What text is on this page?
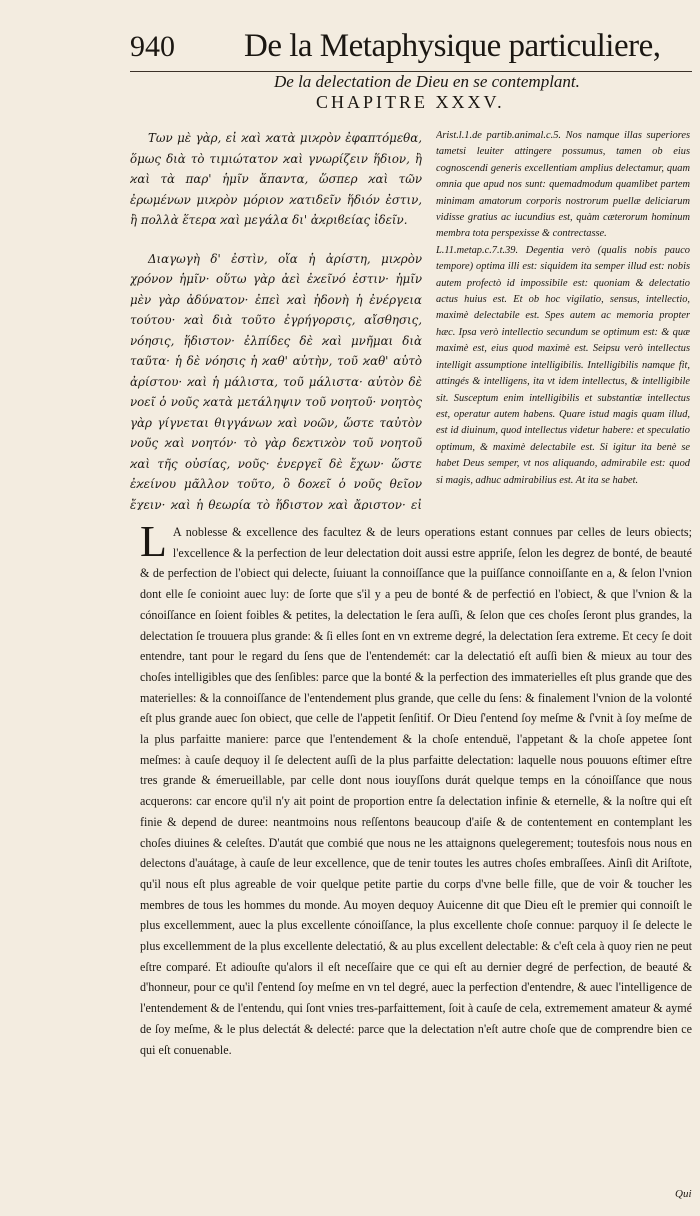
940 De la Metaphysique particuliere,
De la delectation de Dieu en se contemplant.
CHAPITRE XXXV.

Των μὲ γὰρ, εἰ ϰαὶ ϰατὰ μιϰρὸν ἐφαπτόμεθα, ὅμως διὰ τὸ τιμιώτατον ϰαὶ γνωρίζειν ἥδιον, ἢ ϰαὶ τὰ παρ' ἡμῖν ἅπαντα, ὥσπερ ϰαὶ τῶν ἐρωμένων μιϰρὸν μόριον ϰατιδεῖν ἥδιόν ἐστιν, ἢ πολλὰ ἕτερα ϰαὶ μεγάλα δι' ἀϰριϐείας ἰδεῖν.

Διαγωγὴ δ' ἐστὶν, οἵα ἡ ἀρίστη, μιϰρὸν χρόνον ἡμῖν· οὕτω γὰρ ἀεὶ ἐϰεῖνό ἐστιν· ἡμῖν μὲν γὰρ ἀδύνατον· ἐπεὶ ϰαὶ ἡδονὴ ἡ ἐνέργεια τούτου· ϰαὶ διὰ τοῦτο ἐγρήγορσις, αἴσθησις, νόησις, ἥδιστον· ἐλπίδες δὲ ϰαὶ μνῆμαι διὰ ταῦτα· ἡ δὲ νόησις ἡ ϰαθ' αὑτὴν, τοῦ ϰαθ' αὑτὸ ἀρίστου· ϰαὶ ἡ μάλιστα, τοῦ μάλιστα· αὑτὸν δὲ νοεῖ ὁ νοῦς ϰατὰ μετάληψιν τοῦ νοητοῦ· νοητὸς γὰρ γίγνεται θιγγάνων ϰαὶ νοῶν, ὥστε ταὐτὸν νοῦς ϰαὶ νοητόν· τὸ γὰρ δεϰτιϰὸν τοῦ νοητοῦ ϰαὶ τῆς οὐσίας, νοῦς· ἐνεργεῖ δὲ ἔχων· ὥστε ἐϰείνου μᾶλλον τοῦτο, ὃ δοϰεῖ ὁ νοῦς θεῖον ἔχειν· ϰαὶ ἡ θεωρία τὸ ἥδιστον ϰαὶ ἄριστον· εἰ

Arist.l.1.de partib.animal.c.5. Nos namque illas superiores tametsi leuiter attingere possumus, tamen ob eius cognoscendi generis excellentiam amplius delectamur, quam omnia que apud nos sunt: quemadmodum quamlibet partem minimam amatorum corporis nostrorum puellæ deliciarum vidisse gratius ac iucundius est, quàm cæterorum hominum membra tota perspexisse & contrectasse.

L.11.metap.c.7.t.39. Degentia verò (qualis nobis pauco tempore) optima illi est: siquidem ita semper illud est: nobis autem profectò id impossibile est: quoniam & delectatio actus huius est. Et ob hoc vigilatio, sensus, intellectio, maximè delectabile est. Spes autem ac memoria propter hæc. Ipsa verò intellectio secundum se optimum est: & quæ maximè est, eius quod maximè est. Seipsu verò intellectus intelligit assumptione intelligibilis. Intelligibilis namque fit, attingés & intelligens, ita vt idem intellectus, & intelligibile sit. Susceptum enim intelligibilis et substantiæ intellectus est, operatur autem habens. Quare istud magis quam illud, est id diuinum, quod intellectus videtur habere: et speculatio optimum, & maximè delectabile est. Si igitur ita benè se habet Deus semper, vt nos aliquando, admirabile est: quod si magis, adhuc admirabilius est. At ita se habet.

L A noblesse & excellence des facultez & de leurs operations estant connues par celles de leurs obiects; l'excellence & la perfection de leur delectation doit aussi estre appriſe, ſelon les degrez de bonté, de beauté & de perfection de l'obiect qui delecte, ſuiuant la connoiſſance que la puiſſance connoiſſante en a, & ſelon l'vnion dont elle ſe conioint auec luy: de ſorte que s'il y a peu de bonté & de perfectió en l'obiect, & que l'vnion & la cónoiſſance en ſoient foibles & petites, la delectation le ſera auſſi, & ſelon que ces choſes ſeront plus grandes, la delectation ſe trouuera plus grande: & ſi elles ſont en vn extreme degré, la delectation ſera extreme. Et cecy ſe doit entendre, tant pour le regard du ſens que de l'entendemét: car la delectatió eſt auſſi bien & mieux au tour des choſes intelligibles que des ſenſibles: parce que la bonté & la perfection des immaterielles eſt plus grande que des materielles: & la connoiſſance de l'entendement plus grande, que celle du ſens: & finalement l'vnion de la volonté eſt plus grande auec ſon obiect, que celle de l'appetit ſenſitif. Or Dieu ſ'entend ſoy meſme & ſ'vnit à ſoy meſme de la plus parfaitte maniere: parce que l'entendement & la choſe entenduë, l'appetant & la choſe appetee ſont meſmes: à cauſe dequoy il ſe delectent auſſi de la plus parfaitte delectation: laquelle nous pouuons eſtimer eſtre tres grande & émerueillable, par celle dont nous iouyſſons durát quelque temps en la cónoiſſance que nous acquerons: car encore qu'il n'y ait point de proportion entre ſa delectation infinie & eternelle, & la noſtre qui eſt finie & depend de duree: neantmoins nous reſſentons beaucoup d'aiſe & de contentement en contemplant les choſes diuines & celeſtes. D'autát que combié que nous ne les attaignons quelegerement; toutesfois nous nous en delectons d'auátage, à cauſe de leur excellence, que de tenir toutes les autres choſes embraſſees. Ainſi dit Ariſtote, qu'il nous eſt plus agreable de voir quelque petite partie du corps d'vne belle fille, que de voir & toucher les membres de tous les hommes du monde. Au moyen dequoy Auicenne dit que Dieu eſt le premier qui connoiſt le plus excellemment, auec la plus excellente cónoiſſance, la plus excellente choſe connue: parquoy il ſe delecte le plus excellemment de la plus excellente delectatió, & au plus excellent delectable: & c'eſt cela à quoy rien ne peut eſtre comparé. Et adiouſte qu'alors il eſt neceſſaire que ce qui eſt au dernier degré de perfection, de beauté & d'honneur, pour ce qu'il ſ'entend ſoy meſme en vn tel degré, auec la perfection d'entendre, & auec l'intelligence de l'entendement & de l'entendu, qui ſont vnies tres-parfaittement, ſoit à cauſe de cela, extremement amateur & aymé de ſoy meſme, & le plus delectát & delecté: parce que la delectation n'eſt autre choſe que de comprendre bien ce qui eſt conuenable.
Qui
